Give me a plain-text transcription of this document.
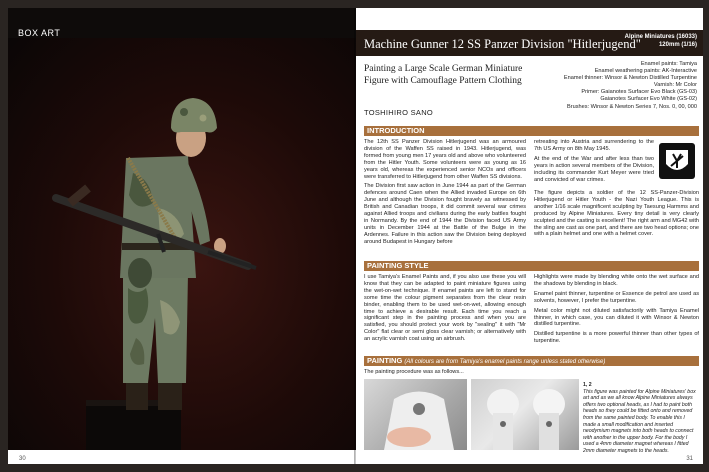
BOX ART
30
Machine Gunner 12 SS Panzer Division "Hitlerjugend"
Alpine Miniatures (16033)
120mm (1/16)
Painting a Large Scale German Miniature Figure with Camouflage Pattern Clothing
TOSHIHIRO SANO
Enamel paints: Tamiya
Enamel weathering paints: AK-Interactive
Enamel thinner: Winsor & Newton Distilled Turpentine
Varnish: Mr Color
Primer: Gaianotes Surfacer Evo Black (GS-03)
Gaianotes Surfacer Evo White (GS-02)
Brushes: Winsor & Newton Series 7, Nos. 0, 00, 000
INTRODUCTION

The 12th SS Panzer Division Hitlerjugend was an armoured division of the Waffen SS raised in 1943. Hitlerjugend, was formed from young men 17 years old and above who volunteered from the Hitler Youth. Some volunteers were as young as 16 years old, whereas the experienced senior NCOs and officers were transferred to Hitlerjugend from other Waffen SS divisions.

The Division first saw action in June 1944 as part of the German defences around Caen when the Allied invaded Europe on 6th June and although the Division fought bravely as witnessed by British and Canadian troops, it did commit several war crimes against Allied troops and civilians during the early battles fought in Normandy. By the end of 1944 the Division faced US Army units in December 1944 at the Battle of the Bulge in the Ardennes. Failure in this action saw the Division being deployed around Budapest in Hungary before

retreating into Austria and surrendering to the 7th US Army on 8th May 1945.

At the end of the War and after less than two years in action several members of the Division, including its commander Kurt Meyer were tried and convicted of war crimes.

The figure depicts a soldier of the 12 SS-Panzer-Division Hitlerjugend or Hitler Youth - the Nazi Youth League. This is another 1/16 scale magnificent sculpting by Taesung Harmms and produced by Alpine Miniatures. Every tiny detail is very clearly sculpted and the casting is excellent! The right arm and MG42 with the sling are cast as one part, and there are two head options; one with a plain helmet and one with a helmet cover.

PAINTING STYLE

I use Tamiya's Enamel Paints and, if you also use these you will know that they can be adapted to paint miniature figures using the wet-on-wet technique. If enamel paints are left to stand for some time the colour pigment separates from the clear resin binder, enabling them to be used wet-on-wet, allowing enough time to achieve a desirable result. Each time you reach a significant step in the painting process and when you are satisfied, you should protect your work by "sealing" it with "Mr Color" flat clear or semi gloss clear varnish; or alternatively with an acrylic varnish coat using an airbrush.

Highlights were made by blending white onto the wet surface and the shadows by blending in black.

Enamel paint thinner, turpentine or Essence de petrol are used as solvents, however, I prefer the turpentine.

Metal color might not diluted satisfactorily with Tamiya Enamel thinner, in which case, you can diluted it with Winsor & Newton distilled turpentine.

Distilled turpentine is a more powerful thinner than other types of turpentine.

PAINTING (All colours are from Tamiya's enamel paints range unless stated otherwise)
The painting procedure was as follows...
1, 2
This figure was painted for Alpine Miniatures' box art and as we all know Alpine Miniatures always offers two optional heads, as I had to paint both heads so they could be fitted onto and removed from the same painted body. To enable this I made a small modification and inserted neodymium magnets into both heads to connect with another in the upper body. For the body I used a 4mm diameter magnet whereas I fitted 2mm diameter magnets to the heads.
31
